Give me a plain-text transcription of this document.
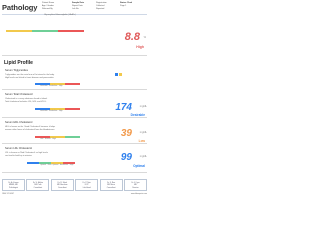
Pathology Patient Name
Age / Gender
Referred By
Sample Date
Report Date
Lab No.
Registration
Collected
Reported
Status: Final
Page 1
Glycosylated Haemoglobin (HbA1c)
8.8 %
High
Lipid Profile
Serum Triglycerides
Triglycerides are the main form of fat stored in the body.
High levels are linked to heart disease and pancreatitis.
Desirable · Borderline · High
Serum Total Cholesterol
Cholesterol is a waxy substance found in blood.
Total cholesterol includes LDL, HDL and VLDL.
174	mg/dL
Desirable
Desirable · Borderline · High
Serum HDL Cholesterol
HDL is known as the 'Good Cholesterol' because it helps
remove other forms of cholesterol from the bloodstream.	39	mg/dL
Low
Low · Normal · High
Serum LDL Cholesterol
LDL is known as 'Bad Cholesterol' as high levels
can lead to build up in arteries.	99	mg/dL
Optimal
Optimal · Near Optimal · Borderline · High
Dr. A. Kumar
MBBS, MD
Pathologist
Dr. S. Mehta
MD Path
Consultant
Dr. R. Shah
MD Biochem
Consultant
Dr. P. Nair
DCP
Lab Head
Dr. V. Rao
MD Micro
Consultant
Dr. K. Iyer
MD
Director
1800 123 4567	www.labreports.com
